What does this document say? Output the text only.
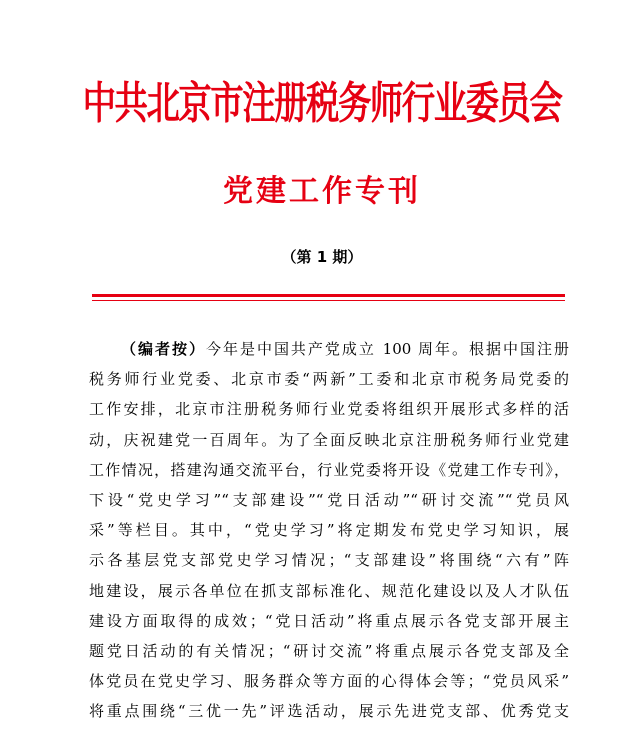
中共北京市注册税务师行业委员会
党建工作专刊
（第 1 期）
（编者按）今年是中国共产党成立 100 周年。根据中国注册
税务师行业党委、北京市委“两新”工委和北京市税务局党委的
工作安排，北京市注册税务师行业党委将组织开展形式多样的活
动，庆祝建党一百周年。为了全面反映北京注册税务师行业党建
工作情况，搭建沟通交流平台，行业党委将开设《党建工作专刊》，
下设“党史学习”“支部建设”“党日活动”“研讨交流”“党员风
采”等栏目。其中，“党史学习”将定期发布党史学习知识，展
示各基层党支部党史学习情况；“支部建设”将围绕“六有”阵
地建设，展示各单位在抓支部标准化、规范化建设以及人才队伍
建设方面取得的成效；“党日活动”将重点展示各党支部开展主
题党日活动的有关情况；“研讨交流”将重点展示各党支部及全
体党员在党史学习、服务群众等方面的心得体会等；“党员风采”
将重点围绕“三优一先”评选活动，展示先进党支部、优秀党支
